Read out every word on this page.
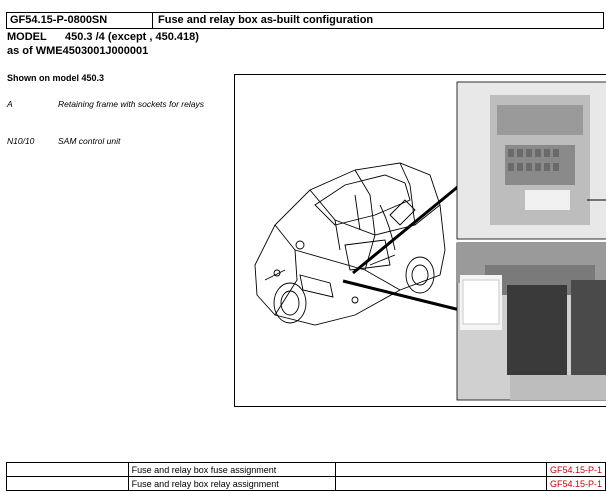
GF54.15-P-0800SN	Fuse and relay box as-built configuration
MODEL 450.3 /4 (except , 450.418)
as of WME4503001J000001
Shown on model 450.3
A	Retaining frame with sockets for relays
N10/10	SAM control unit
	Fuse and relay box fuse assignment		GF54.15-P-1
	Fuse and relay box relay assignment		GF54.15-P-1
